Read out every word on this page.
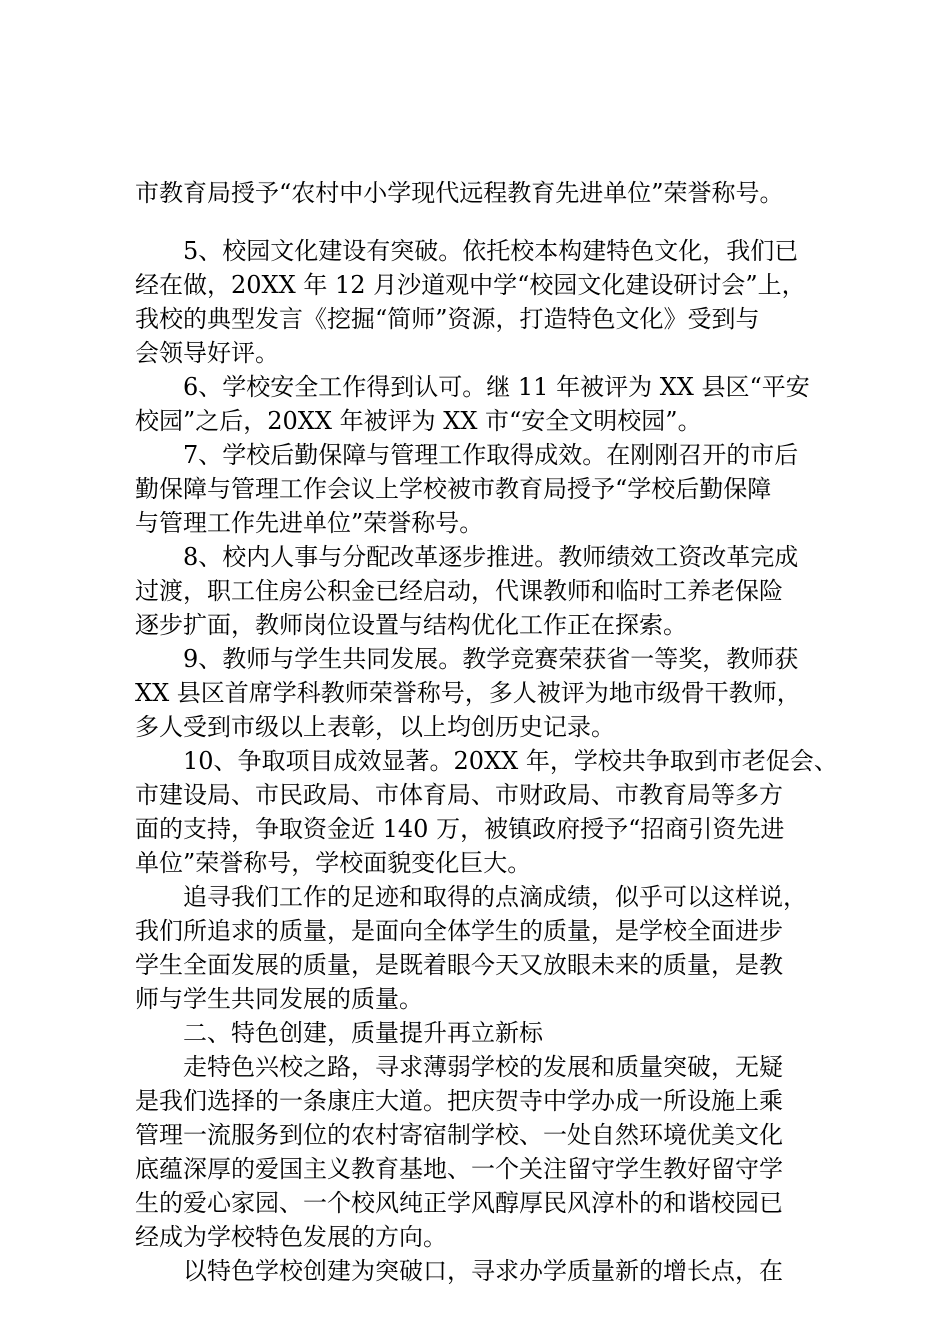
市教育局授予“农村中小学现代远程教育先进单位”荣誉称号。
　　5、校园文化建设有突破。依托校本构建特色文化，我们已
经在做，20XX 年 12 月沙道观中学“校园文化建设研讨会”上，
我校的典型发言《挖掘“简师”资源，打造特色文化》受到与
会领导好评。
　　6、学校安全工作得到认可。继 11 年被评为 XX 县区“平安
校园”之后，20XX 年被评为 XX 市“安全文明校园”。
　　7、学校后勤保障与管理工作取得成效。在刚刚召开的市后
勤保障与管理工作会议上学校被市教育局授予“学校后勤保障
与管理工作先进单位”荣誉称号。
　　8、校内人事与分配改革逐步推进。教师绩效工资改革完成
过渡，职工住房公积金已经启动，代课教师和临时工养老保险
逐步扩面，教师岗位设置与结构优化工作正在探索。
　　9、教师与学生共同发展。教学竞赛荣获省一等奖，教师获
XX 县区首席学科教师荣誉称号，多人被评为地市级骨干教师，
多人受到市级以上表彰，以上均创历史记录。
　　10、争取项目成效显著。20XX 年，学校共争取到市老促会、
市建设局、市民政局、市体育局、市财政局、市教育局等多方
面的支持，争取资金近 140 万，被镇政府授予“招商引资先进
单位”荣誉称号，学校面貌变化巨大。
　　追寻我们工作的足迹和取得的点滴成绩，似乎可以这样说，
我们所追求的质量，是面向全体学生的质量，是学校全面进步
学生全面发展的质量，是既着眼今天又放眼未来的质量，是教
师与学生共同发展的质量。
　　二、特色创建，质量提升再立新标
　　走特色兴校之路，寻求薄弱学校的发展和质量突破，无疑
是我们选择的一条康庄大道。把庆贺寺中学办成一所设施上乘
管理一流服务到位的农村寄宿制学校、一处自然环境优美文化
底蕴深厚的爱国主义教育基地、一个关注留守学生教好留守学
生的爱心家园、一个校风纯正学风醇厚民风淳朴的和谐校园已
经成为学校特色发展的方向。
　　以特色学校创建为突破口，寻求办学质量新的增长点，在
